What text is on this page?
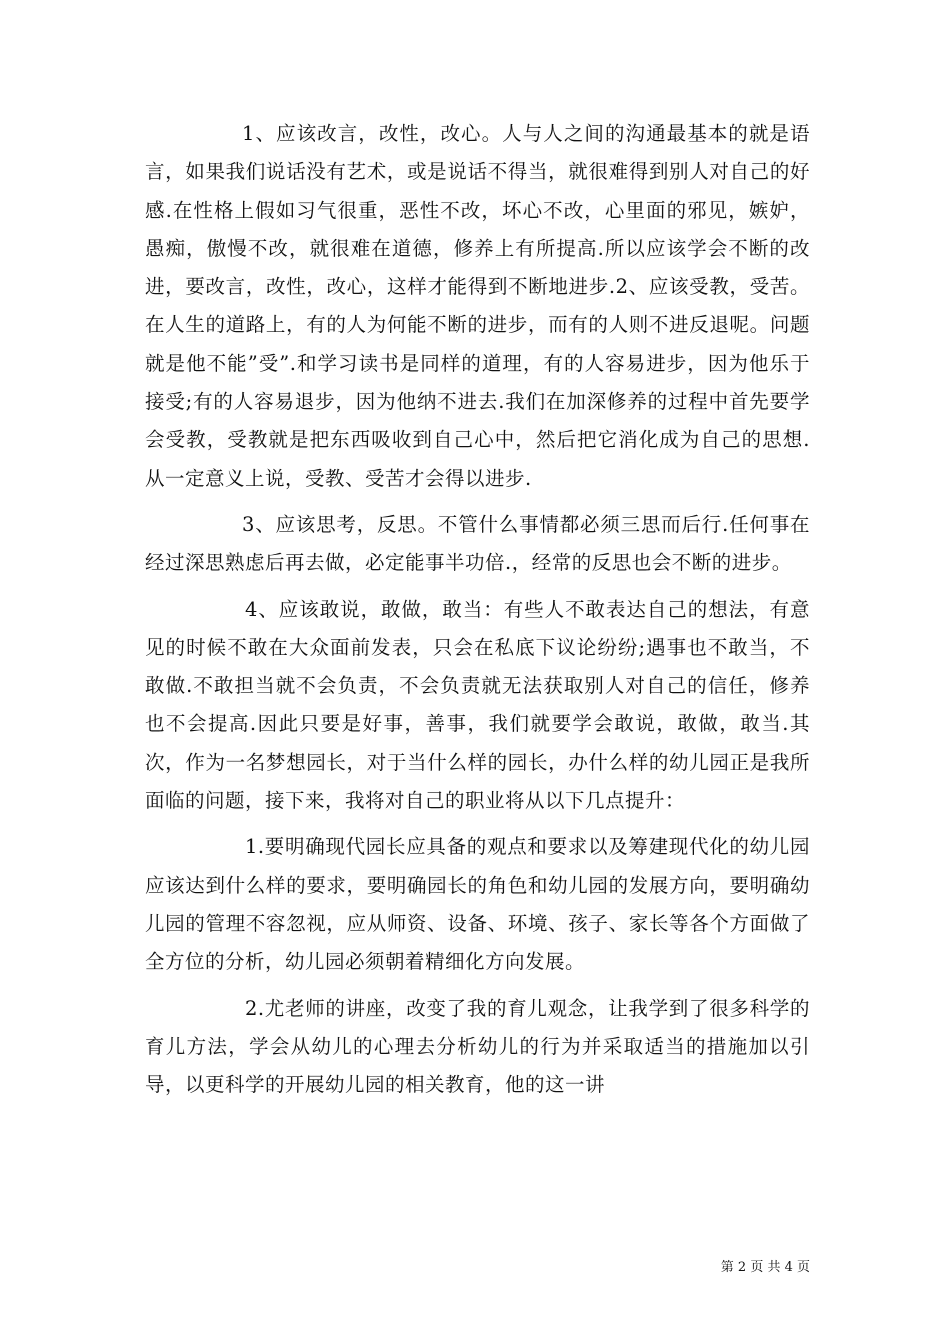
1、应该改言，改性，改心。人与人之间的沟通最基本的就是语言，如果我们说话没有艺术，或是说话不得当，就很难得到别人对自己的好感.在性格上假如习气很重，恶性不改，坏心不改，心里面的邪见，嫉妒，愚痴，傲慢不改，就很难在道德，修养上有所提高.所以应该学会不断的改进，要改言，改性，改心，这样才能得到不断地进步.2、应该受教，受苦。在人生的道路上，有的人为何能不断的进步，而有的人则不进反退呢。问题就是他不能”受”.和学习读书是同样的道理，有的人容易进步，因为他乐于接受;有的人容易退步，因为他纳不进去.我们在加深修养的过程中首先要学会受教，受教就是把东西吸收到自己心中，然后把它消化成为自己的思想.从一定意义上说，受教、受苦才会得以进步.

3、应该思考，反思。不管什么事情都必须三思而后行.任何事在经过深思熟虑后再去做，必定能事半功倍.，经常的反思也会不断的进步。

4、应该敢说，敢做，敢当：有些人不敢表达自己的想法，有意见的时候不敢在大众面前发表，只会在私底下议论纷纷;遇事也不敢当，不敢做.不敢担当就不会负责，不会负责就无法获取别人对自己的信任，修养也不会提高.因此只要是好事，善事，我们就要学会敢说，敢做，敢当.其次，作为一名梦想园长，对于当什么样的园长，办什么样的幼儿园正是我所面临的问题，接下来，我将对自己的职业将从以下几点提升：

1.要明确现代园长应具备的观点和要求以及筹建现代化的幼儿园应该达到什么样的要求，要明确园长的角色和幼儿园的发展方向，要明确幼儿园的管理不容忽视，应从师资、设备、环境、孩子、家长等各个方面做了全方位的分析，幼儿园必须朝着精细化方向发展。

2.尤老师的讲座，改变了我的育儿观念，让我学到了很多科学的育儿方法，学会从幼儿的心理去分析幼儿的行为并采取适当的措施加以引导，以更科学的开展幼儿园的相关教育，他的这一讲

第 2 页 共 4 页
